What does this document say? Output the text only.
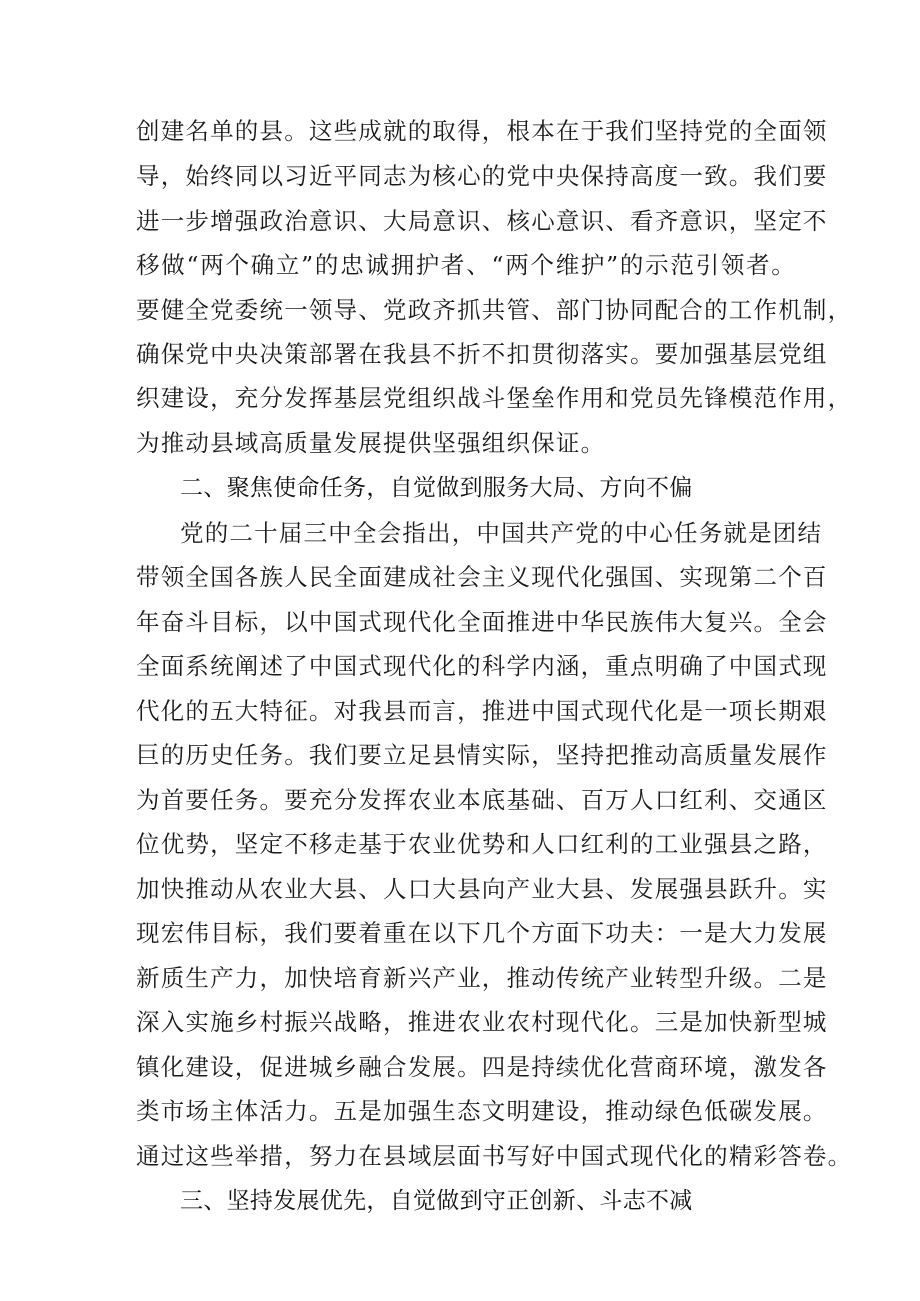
创建名单的县。这些成就的取得，根本在于我们坚持党的全面领
导，始终同以习近平同志为核心的党中央保持高度一致。我们要
进一步增强政治意识、大局意识、核心意识、看齐意识，坚定不
移做“两个确立”的忠诚拥护者、“两个维护”的示范引领者。
要健全党委统一领导、党政齐抓共管、部门协同配合的工作机制，
确保党中央决策部署在我县不折不扣贯彻落实。要加强基层党组
织建设，充分发挥基层党组织战斗堡垒作用和党员先锋模范作用，
为推动县域高质量发展提供坚强组织保证。
二、聚焦使命任务，自觉做到服务大局、方向不偏
党的二十届三中全会指出，中国共产党的中心任务就是团结
带领全国各族人民全面建成社会主义现代化强国、实现第二个百
年奋斗目标，以中国式现代化全面推进中华民族伟大复兴。全会
全面系统阐述了中国式现代化的科学内涵，重点明确了中国式现
代化的五大特征。对我县而言，推进中国式现代化是一项长期艰
巨的历史任务。我们要立足县情实际，坚持把推动高质量发展作
为首要任务。要充分发挥农业本底基础、百万人口红利、交通区
位优势，坚定不移走基于农业优势和人口红利的工业强县之路，
加快推动从农业大县、人口大县向产业大县、发展强县跃升。实
现宏伟目标，我们要着重在以下几个方面下功夫：一是大力发展
新质生产力，加快培育新兴产业，推动传统产业转型升级。二是
深入实施乡村振兴战略，推进农业农村现代化。三是加快新型城
镇化建设，促进城乡融合发展。四是持续优化营商环境，激发各
类市场主体活力。五是加强生态文明建设，推动绿色低碳发展。
通过这些举措，努力在县域层面书写好中国式现代化的精彩答卷。
三、坚持发展优先，自觉做到守正创新、斗志不减
